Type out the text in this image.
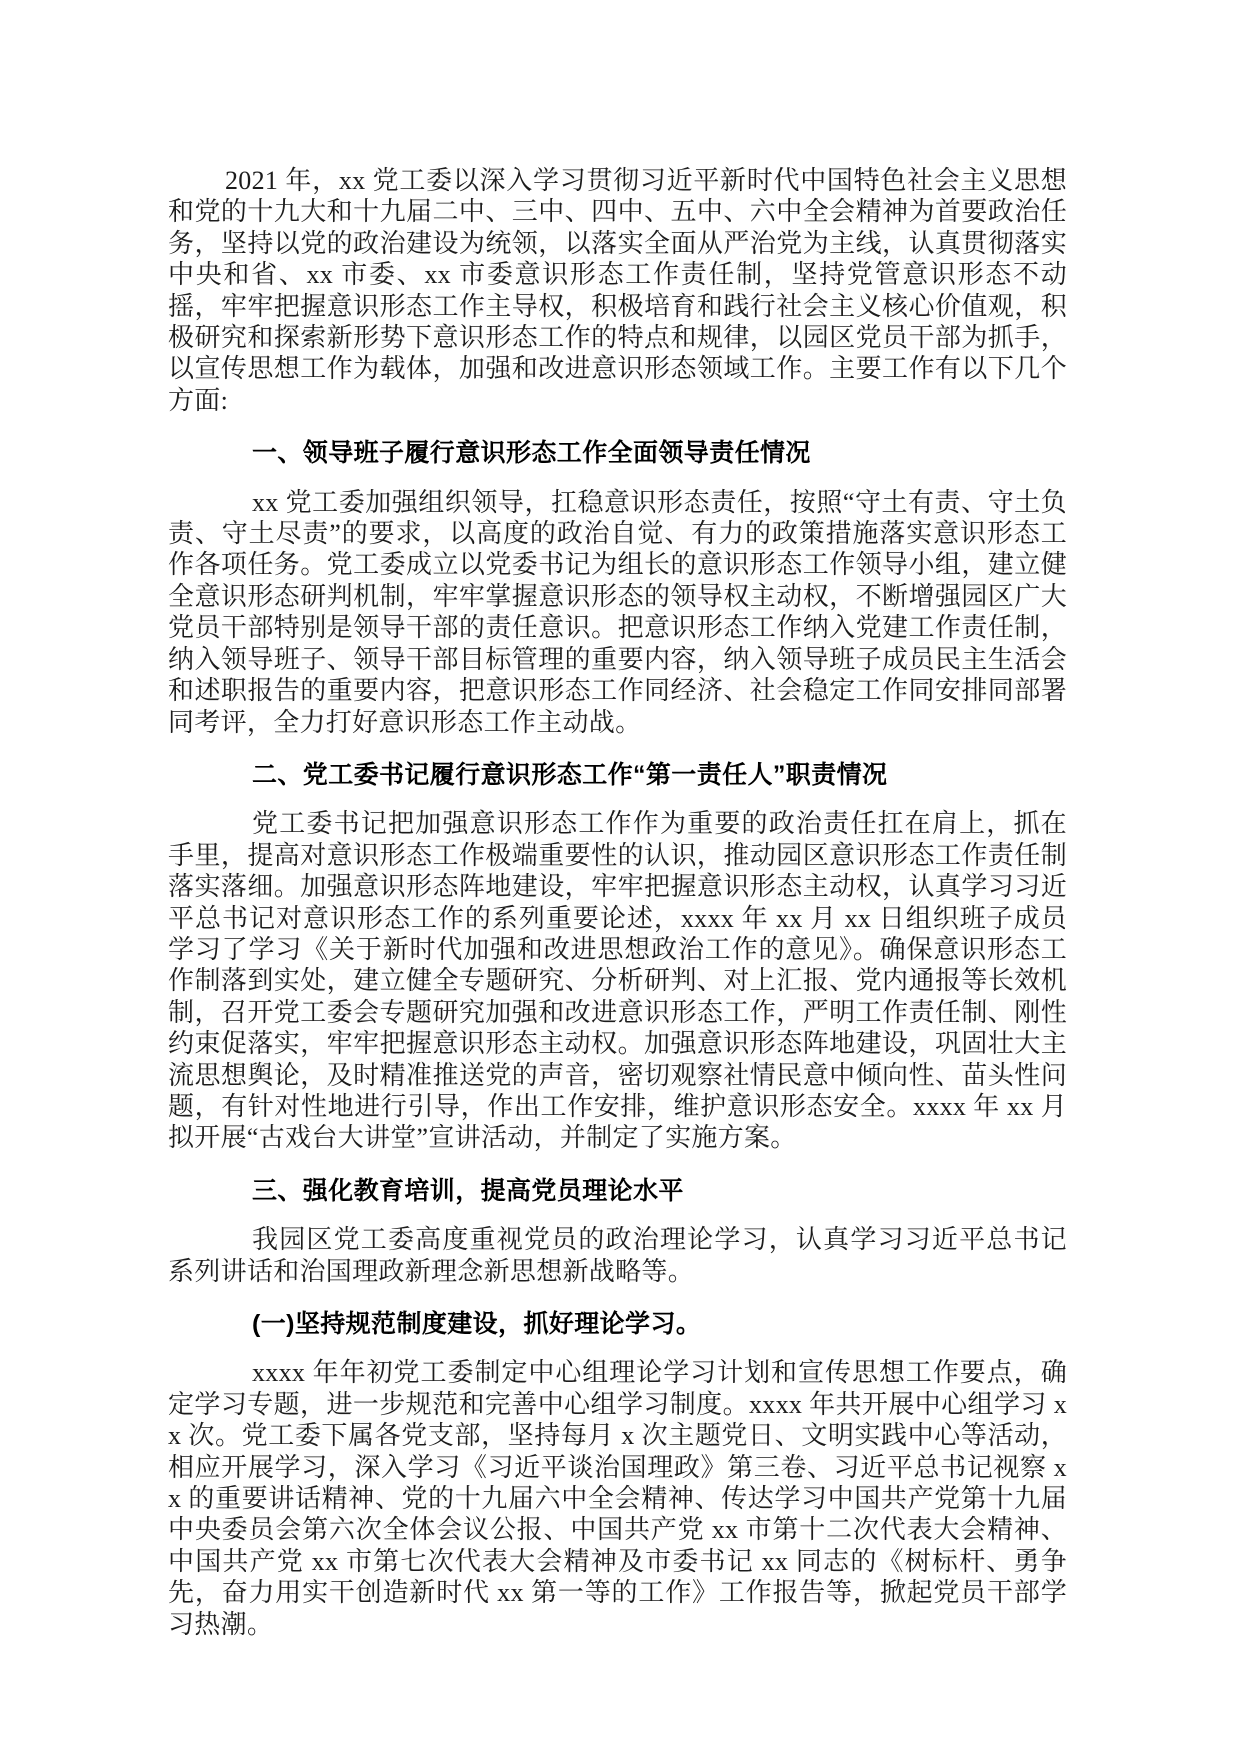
2021 年，xx 党工委以深入学习贯彻习近平新时代中国特色社会主义思想和党的十九大和十九届二中、三中、四中、五中、六中全会精神为首要政治任务，坚持以党的政治建设为统领，以落实全面从严治党为主线，认真贯彻落实中央和省、xx 市委、xx 市委意识形态工作责任制，坚持党管意识形态不动摇，牢牢把握意识形态工作主导权，积极培育和践行社会主义核心价值观，积极研究和探索新形势下意识形态工作的特点和规律，以园区党员干部为抓手，以宣传思想工作为载体，加强和改进意识形态领域工作。主要工作有以下几个方面:

一、领导班子履行意识形态工作全面领导责任情况

xx 党工委加强组织领导，扛稳意识形态责任，按照“守土有责、守土负责、守土尽责”的要求，以高度的政治自觉、有力的政策措施落实意识形态工作各项任务。党工委成立以党委书记为组长的意识形态工作领导小组，建立健全意识形态研判机制，牢牢掌握意识形态的领导权主动权，不断增强园区广大党员干部特别是领导干部的责任意识。把意识形态工作纳入党建工作责任制，纳入领导班子、领导干部目标管理的重要内容，纳入领导班子成员民主生活会和述职报告的重要内容，把意识形态工作同经济、社会稳定工作同安排同部署同考评，全力打好意识形态工作主动战。

二、党工委书记履行意识形态工作“第一责任人”职责情况

党工委书记把加强意识形态工作作为重要的政治责任扛在肩上，抓在手里，提高对意识形态工作极端重要性的认识，推动园区意识形态工作责任制落实落细。加强意识形态阵地建设，牢牢把握意识形态主动权，认真学习习近平总书记对意识形态工作的系列重要论述，xxxx 年 xx 月 xx 日组织班子成员学习了学习《关于新时代加强和改进思想政治工作的意见》。确保意识形态工作制落到实处，建立健全专题研究、分析研判、对上汇报、党内通报等长效机制，召开党工委会专题研究加强和改进意识形态工作，严明工作责任制、刚性约束促落实，牢牢把握意识形态主动权。加强意识形态阵地建设，巩固壮大主流思想舆论，及时精准推送党的声音，密切观察社情民意中倾向性、苗头性问题，有针对性地进行引导，作出工作安排，维护意识形态安全。xxxx 年 xx 月拟开展“古戏台大讲堂”宣讲活动，并制定了实施方案。

三、强化教育培训，提高党员理论水平

我园区党工委高度重视党员的政治理论学习，认真学习习近平总书记系列讲话和治国理政新理念新思想新战略等。

(一)坚持规范制度建设，抓好理论学习。

xxxx 年年初党工委制定中心组理论学习计划和宣传思想工作要点，确定学习专题，进一步规范和完善中心组学习制度。xxxx 年共开展中心组学习 xx 次。党工委下属各党支部，坚持每月 x 次主题党日、文明实践中心等活动，相应开展学习，深入学习《习近平谈治国理政》第三卷、习近平总书记视察 xx 的重要讲话精神、党的十九届六中全会精神、传达学习中国共产党第十九届中央委员会第六次全体会议公报、中国共产党 xx 市第十二次代表大会精神、中国共产党 xx 市第七次代表大会精神及市委书记 xx 同志的《树标杆、勇争先，奋力用实干创造新时代 xx 第一等的工作》工作报告等，掀起党员干部学习热潮。
